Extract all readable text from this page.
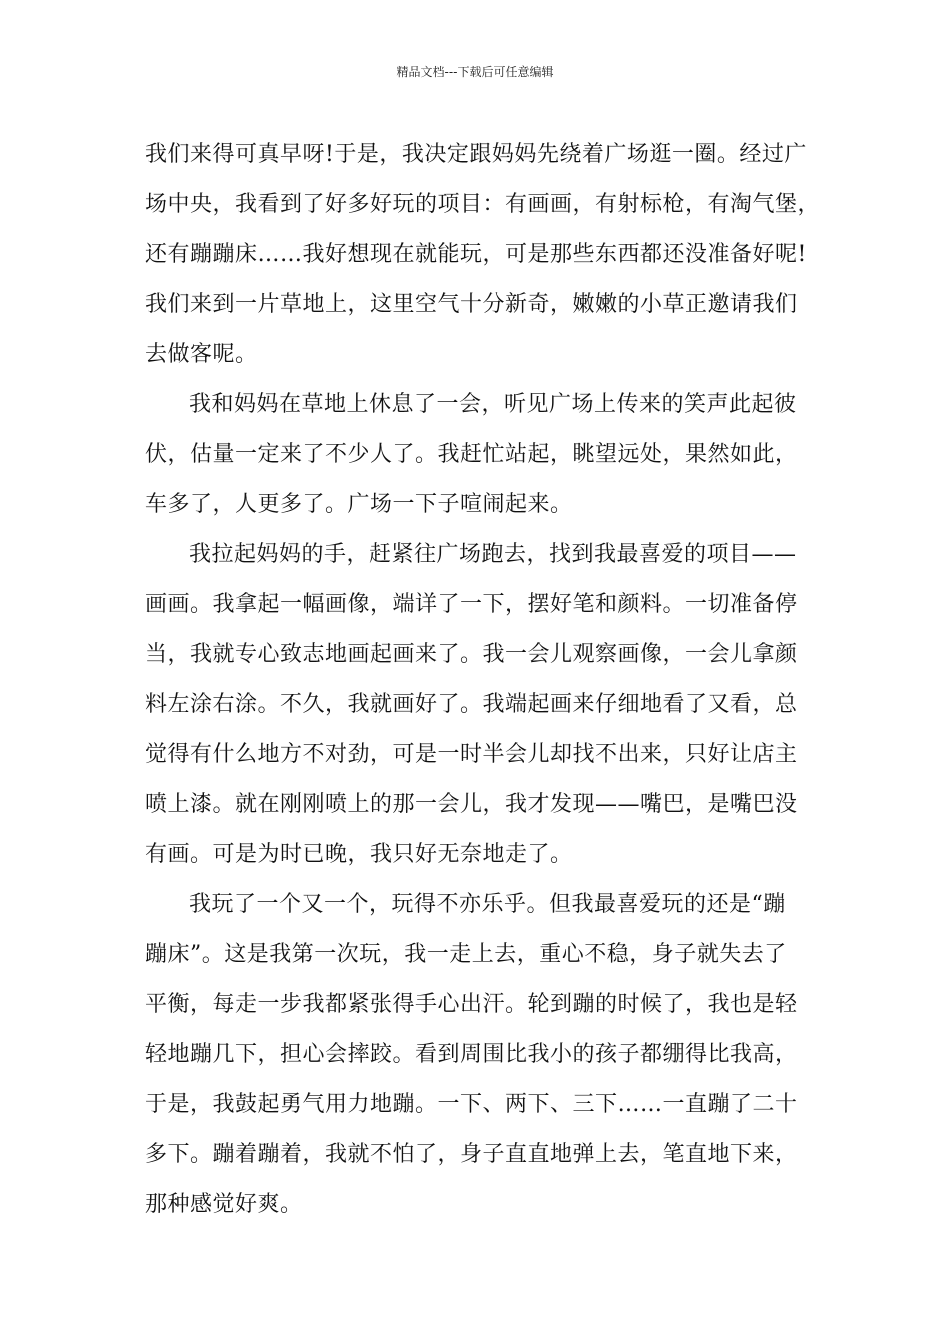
精品文档---下载后可任意编辑
我们来得可真早呀!于是，我决定跟妈妈先绕着广场逛一圈。经过广
场中央，我看到了好多好玩的项目：有画画，有射标枪，有淘气堡，
还有蹦蹦床……我好想现在就能玩，可是那些东西都还没准备好呢!
我们来到一片草地上，这里空气十分新奇，嫩嫩的小草正邀请我们
去做客呢。
我和妈妈在草地上休息了一会，听见广场上传来的笑声此起彼
伏，估量一定来了不少人了。我赶忙站起，眺望远处，果然如此，
车多了，人更多了。广场一下子喧闹起来。
我拉起妈妈的手，赶紧往广场跑去，找到我最喜爱的项目——
画画。我拿起一幅画像，端详了一下，摆好笔和颜料。一切准备停
当，我就专心致志地画起画来了。我一会儿观察画像，一会儿拿颜
料左涂右涂。不久，我就画好了。我端起画来仔细地看了又看，总
觉得有什么地方不对劲，可是一时半会儿却找不出来，只好让店主
喷上漆。就在刚刚喷上的那一会儿，我才发现——嘴巴，是嘴巴没
有画。可是为时已晚，我只好无奈地走了。
我玩了一个又一个，玩得不亦乐乎。但我最喜爱玩的还是“蹦
蹦床”。这是我第一次玩，我一走上去，重心不稳，身子就失去了
平衡，每走一步我都紧张得手心出汗。轮到蹦的时候了，我也是轻
轻地蹦几下，担心会摔跤。看到周围比我小的孩子都绷得比我高，
于是，我鼓起勇气用力地蹦。一下、两下、三下……一直蹦了二十
多下。蹦着蹦着，我就不怕了，身子直直地弹上去，笔直地下来，
那种感觉好爽。
